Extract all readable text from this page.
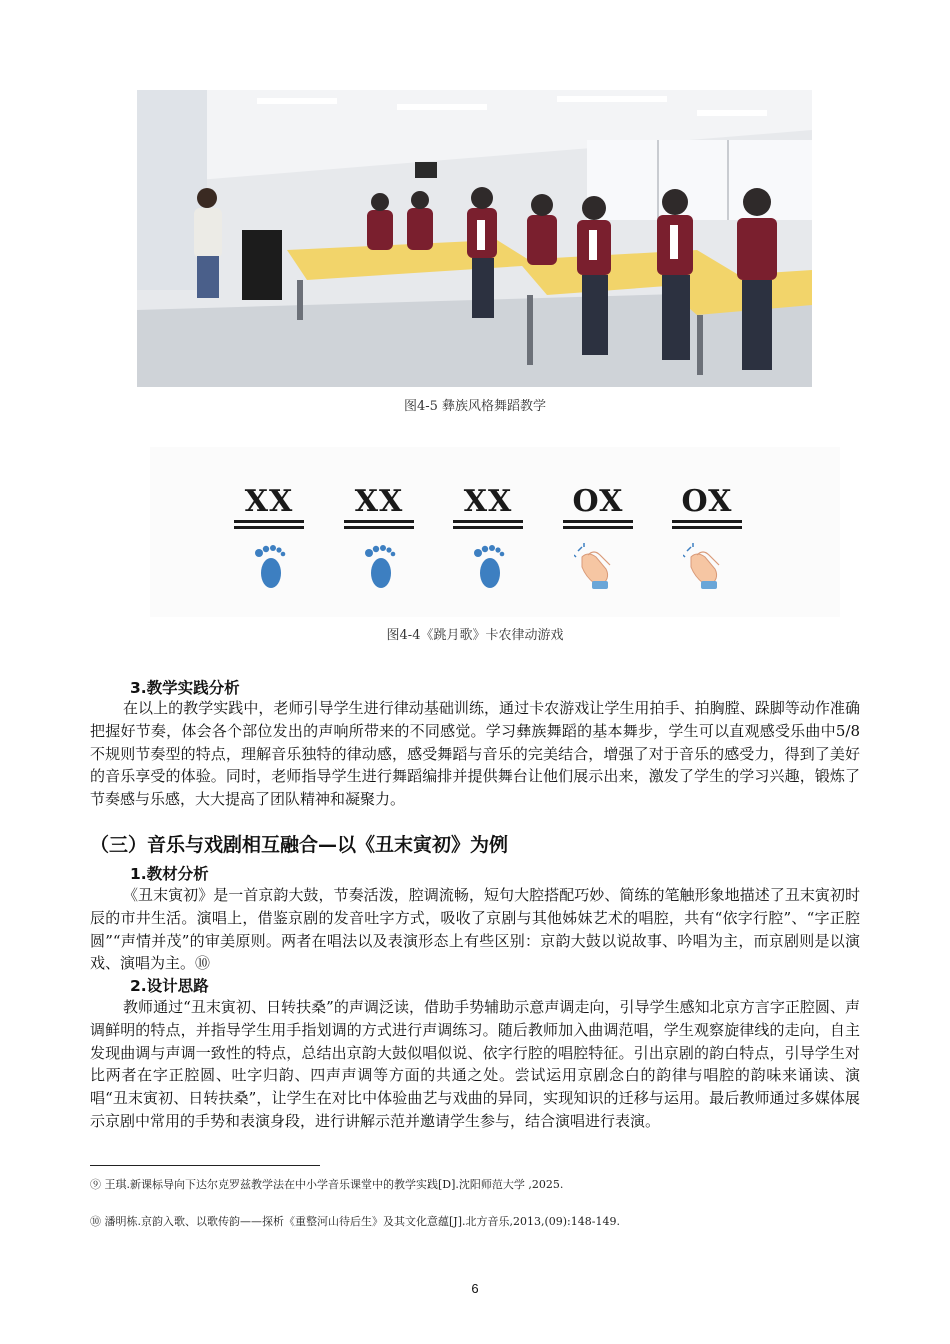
图4-5 彝族风格舞蹈教学
XX	XX	XX	OX	OX
图4-4《跳月歌》卡农律动游戏
3.教学实践分析

在以上的教学实践中，老师引导学生进行律动基础训练，通过卡农游戏让学生用拍手、拍胸膛、跺脚等动作准确把握好节奏，体会各个部位发出的声响所带来的不同感觉。学习彝族舞蹈的基本舞步，学生可以直观感受乐曲中5/8不规则节奏型的特点，理解音乐独特的律动感，感受舞蹈与音乐的完美结合，增强了对于音乐的感受力，得到了美好的音乐享受的体验。同时，老师指导学生进行舞蹈编排并提供舞台让他们展示出来，激发了学生的学习兴趣，锻炼了节奏感与乐感，大大提高了团队精神和凝聚力。

（三）音乐与戏剧相互融合—以《丑末寅初》为例
1.教材分析

《丑末寅初》是一首京韵大鼓，节奏活泼，腔调流畅，短句大腔搭配巧妙、简练的笔触形象地描述了丑末寅初时辰的市井生活。演唱上，借鉴京剧的发音吐字方式，吸收了京剧与其他姊妹艺术的唱腔，共有“依字行腔”、“字正腔圆”“声情并茂”的审美原则。两者在唱法以及表演形态上有些区别：京韵大鼓以说故事、吟唱为主，而京剧则是以演戏、演唱为主。⑩

2.设计思路

教师通过“丑末寅初、日转扶桑”的声调泛读，借助手势辅助示意声调走向，引导学生感知北京方言字正腔圆、声调鲜明的特点，并指导学生用手指划调的方式进行声调练习。随后教师加入曲调范唱，学生观察旋律线的走向，自主发现曲调与声调一致性的特点，总结出京韵大鼓似唱似说、依字行腔的唱腔特征。引出京剧的韵白特点，引导学生对比两者在字正腔圆、吐字归韵、四声声调等方面的共通之处。尝试运用京剧念白的韵律与唱腔的韵味来诵读、演唱“丑末寅初、日转扶桑”，让学生在对比中体验曲艺与戏曲的异同，实现知识的迁移与运用。最后教师通过多媒体展示京剧中常用的手势和表演身段，进行讲解示范并邀请学生参与，结合演唱进行表演。

⑨ 王琪.新课标导向下达尔克罗兹教学法在中小学音乐课堂中的教学实践[D].沈阳师范大学 ,2025.
⑩ 潘明栋.京韵入歌、以歌传韵——探析《重整河山待后生》及其文化意蕴[J].北方音乐,2013,(09):148-149.
6
